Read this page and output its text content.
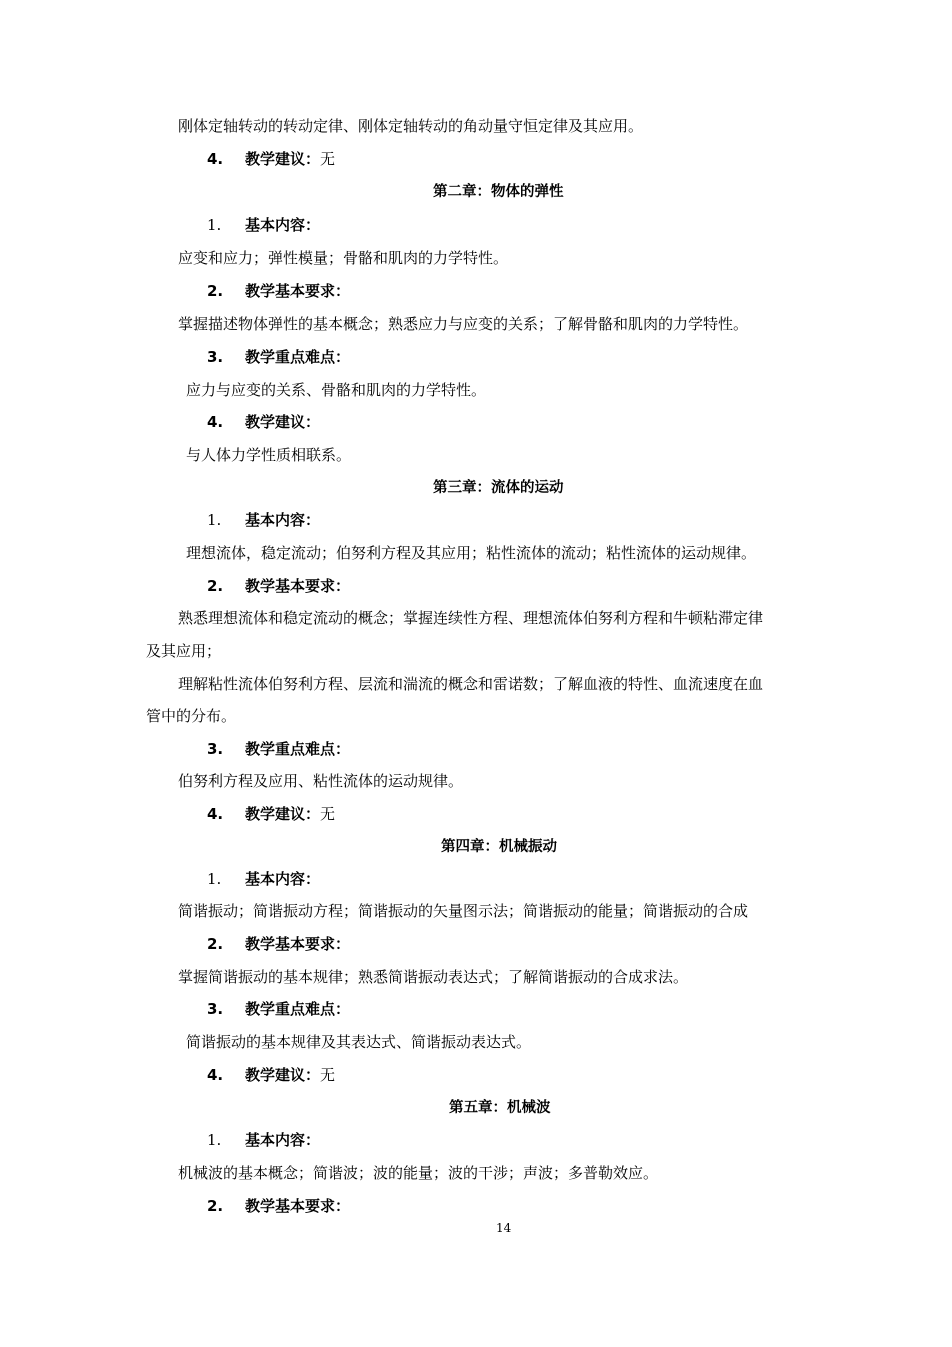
刚体定轴转动的转动定律、刚体定轴转动的角动量守恒定律及其应用。
4. 教学建议：无
第二章：物体的弹性
1. 基本内容：
应变和应力；弹性模量；骨骼和肌肉的力学特性。
2. 教学基本要求：
掌握描述物体弹性的基本概念；熟悉应力与应变的关系；了解骨骼和肌肉的力学特性。
3. 教学重点难点：
应力与应变的关系、骨骼和肌肉的力学特性。
4. 教学建议：
与人体力学性质相联系。
第三章：流体的运动
1. 基本内容：
理想流体，稳定流动；伯努利方程及其应用；粘性流体的流动；粘性流体的运动规律。
2. 教学基本要求：
熟悉理想流体和稳定流动的概念；掌握连续性方程、理想流体伯努利方程和牛顿粘滞定律
及其应用；
理解粘性流体伯努利方程、层流和湍流的概念和雷诺数；了解血液的特性、血流速度在血
管中的分布。
3. 教学重点难点：
伯努利方程及应用、粘性流体的运动规律。
4. 教学建议：无
第四章：机械振动
1. 基本内容：
简谐振动；简谐振动方程；简谐振动的矢量图示法；简谐振动的能量；简谐振动的合成
2. 教学基本要求：
掌握简谐振动的基本规律；熟悉简谐振动表达式；了解简谐振动的合成求法。
3. 教学重点难点：
简谐振动的基本规律及其表达式、简谐振动表达式。
4. 教学建议：无
第五章：机械波
1. 基本内容：
机械波的基本概念；简谐波；波的能量；波的干涉；声波；多普勒效应。
2. 教学基本要求：
14
